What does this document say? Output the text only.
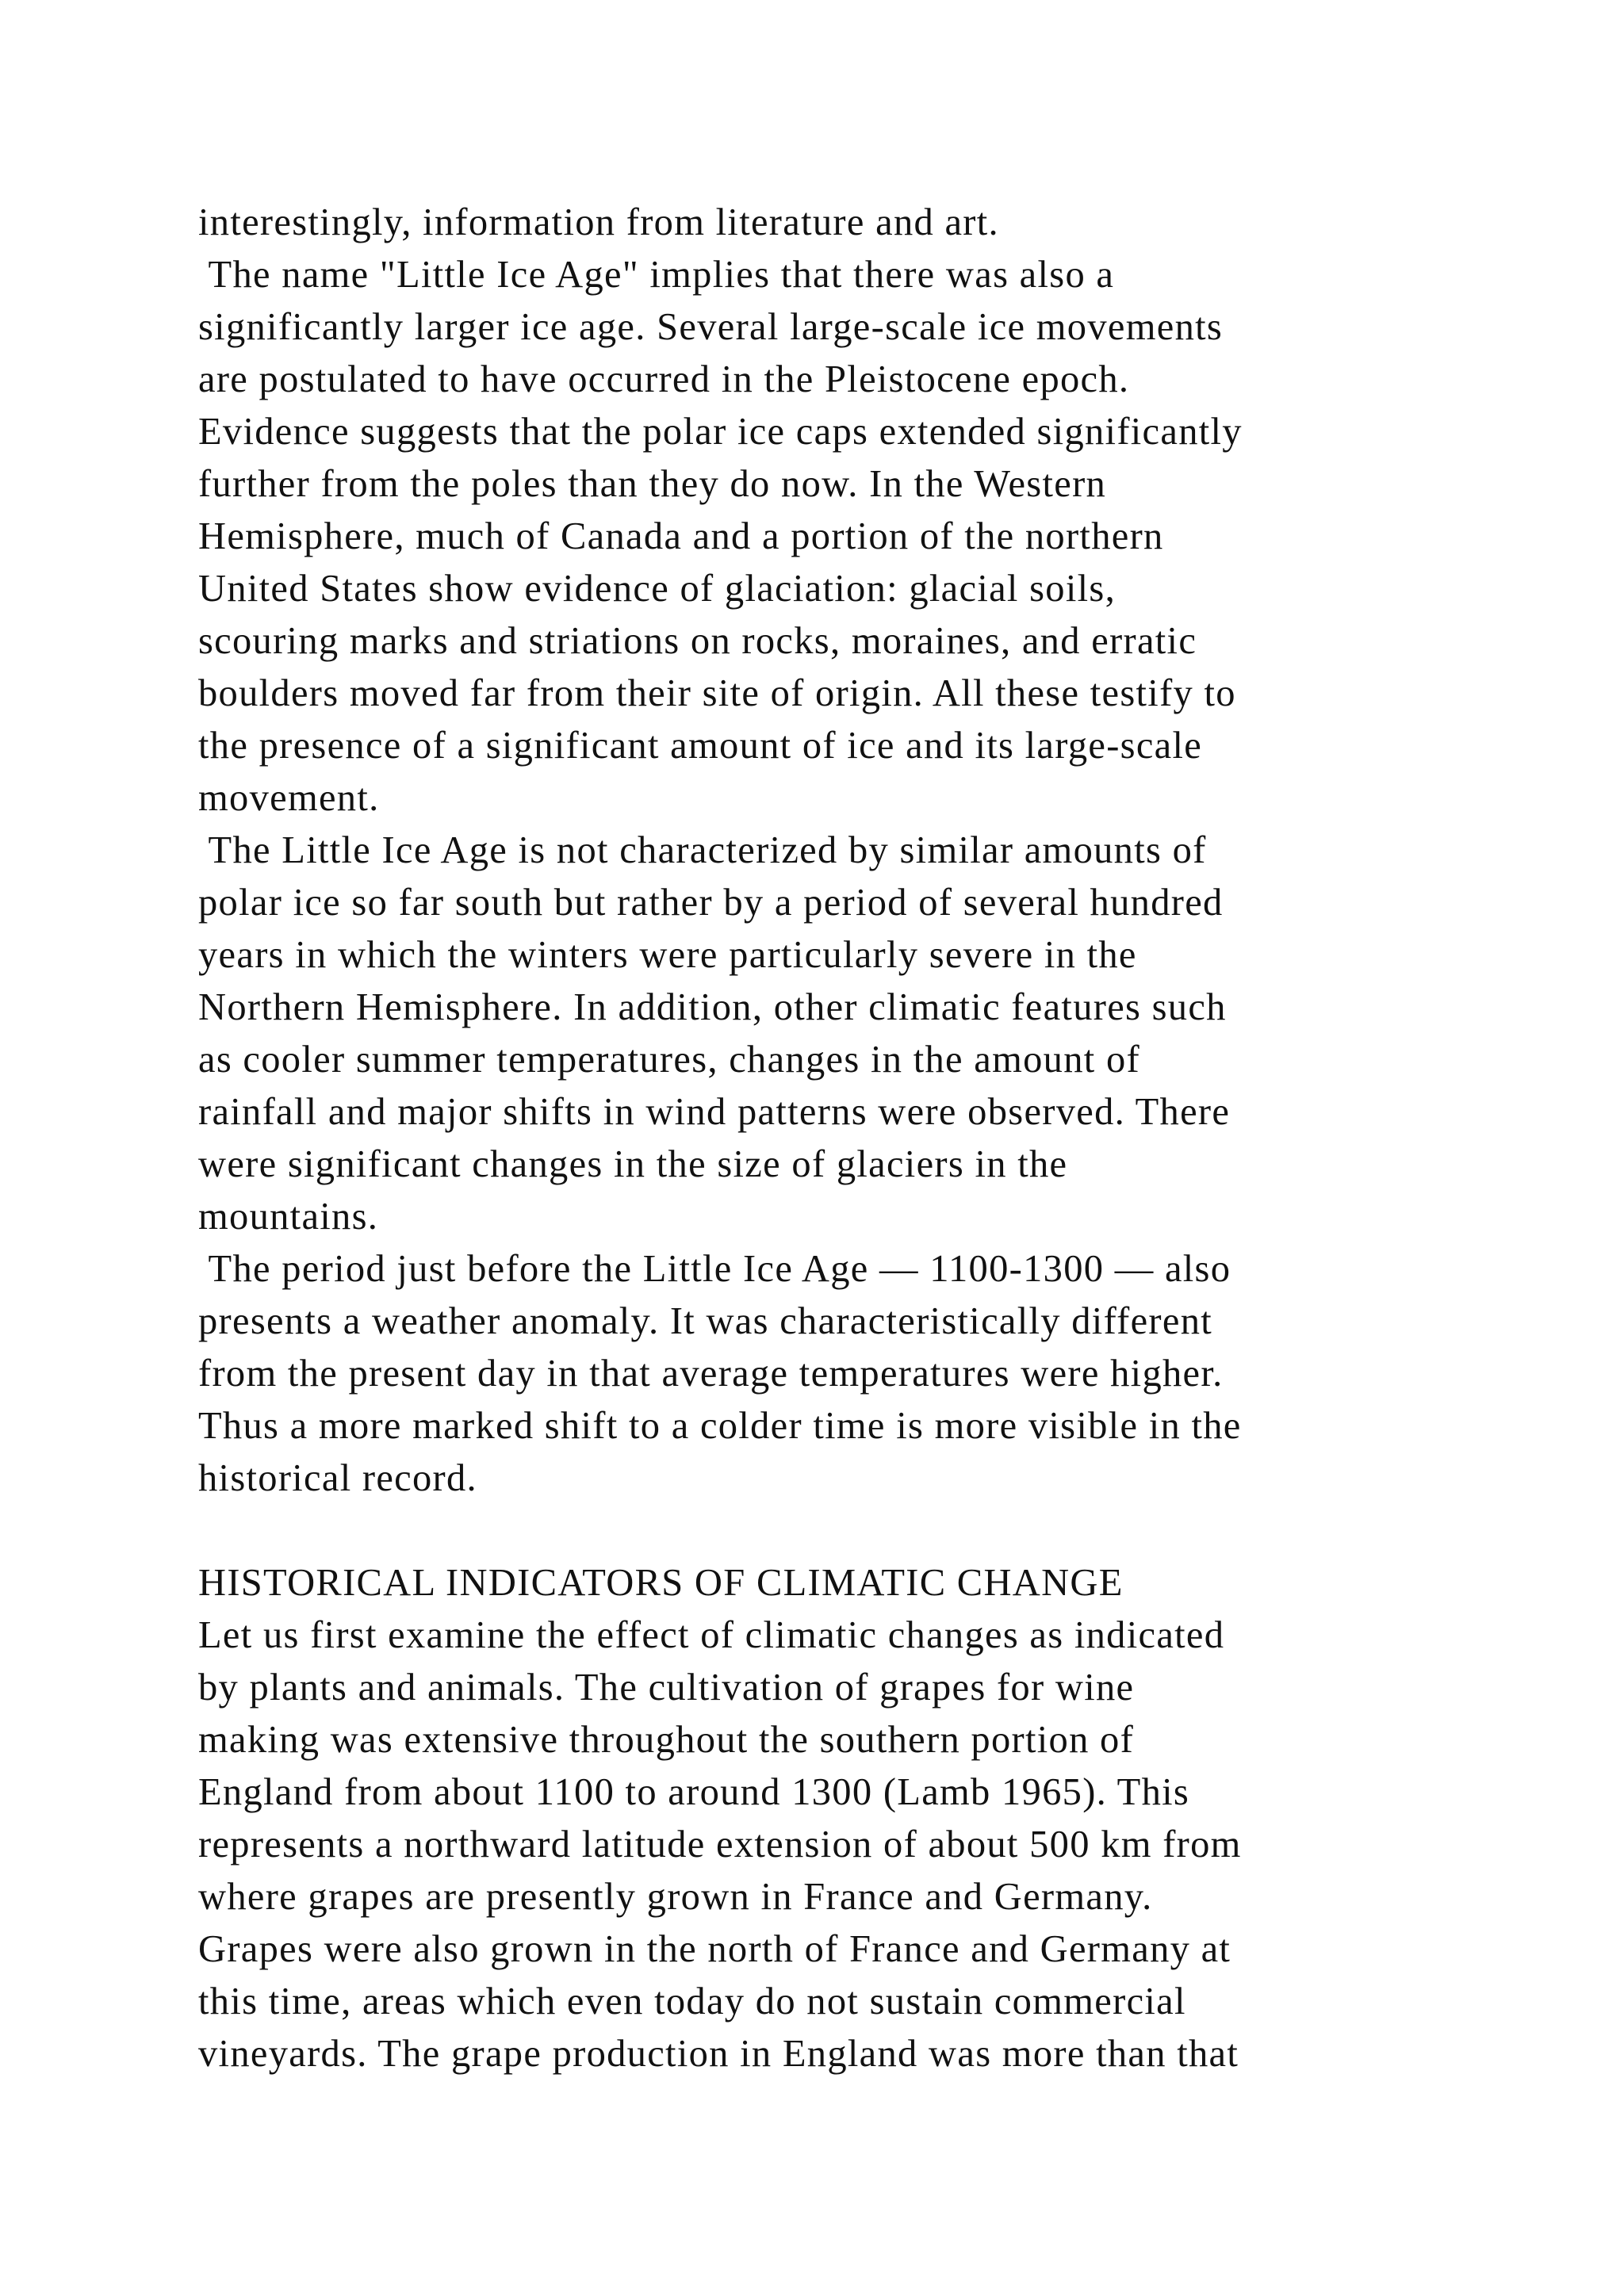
interestingly, information from literature and art.
The name "Little Ice Age" implies that there was also a
significantly larger ice age. Several large-scale ice movements
are postulated to have occurred in the Pleistocene epoch.
Evidence suggests that the polar ice caps extended significantly
further from the poles than they do now. In the Western
Hemisphere, much of Canada and a portion of the northern
United States show evidence of glaciation: glacial soils,
scouring marks and striations on rocks, moraines, and erratic
boulders moved far from their site of origin. All these testify to
the presence of a significant amount of ice and its large-scale
movement.
The Little Ice Age is not characterized by similar amounts of
polar ice so far south but rather by a period of several hundred
years in which the winters were particularly severe in the
Northern Hemisphere. In addition, other climatic features such
as cooler summer temperatures, changes in the amount of
rainfall and major shifts in wind patterns were observed. There
were significant changes in the size of glaciers in the
mountains.
The period just before the Little Ice Age — 1100-1300 — also
presents a weather anomaly. It was characteristically different
from the present day in that average temperatures were higher.
Thus a more marked shift to a colder time is more visible in the
historical record.
HISTORICAL INDICATORS OF CLIMATIC CHANGE
Let us first examine the effect of climatic changes as indicated
by plants and animals. The cultivation of grapes for wine
making was extensive throughout the southern portion of
England from about 1100 to around 1300 (Lamb 1965). This
represents a northward latitude extension of about 500 km from
where grapes are presently grown in France and Germany.
Grapes were also grown in the north of France and Germany at
this time, areas which even today do not sustain commercial
vineyards. The grape production in England was more than that
